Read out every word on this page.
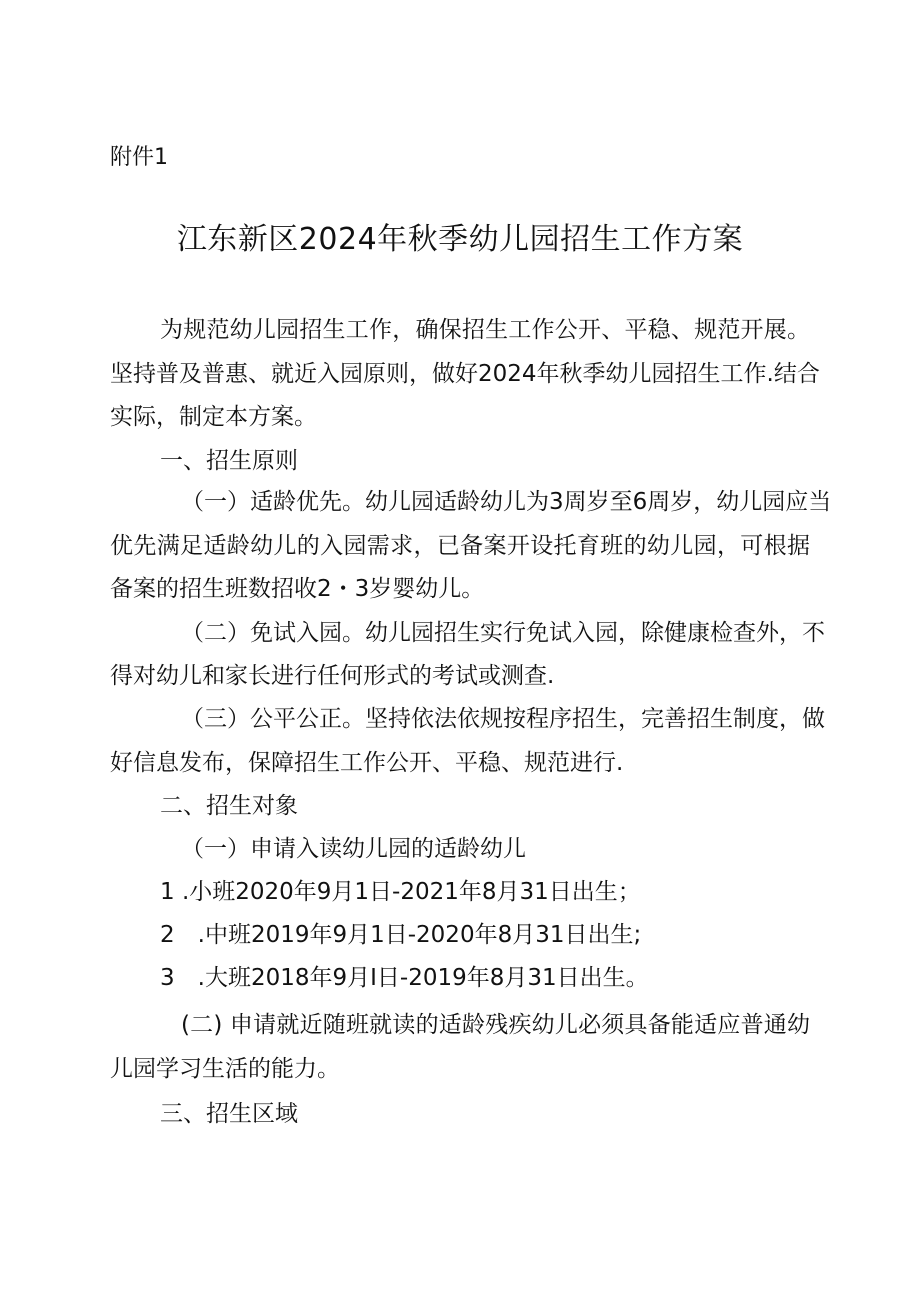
附件1
江东新区2024年秋季幼儿园招生工作方案
为规范幼儿园招生工作，确保招生工作公开、平稳、规范开展。
坚持普及普惠、就近入园原则，做好2024年秋季幼儿园招生工作.结合
实际，制定本方案。
一、招生原则
（一）适龄优先。幼儿园适龄幼儿为3周岁至6周岁，幼儿园应当
优先满足适龄幼儿的入园需求，已备案开设托育班的幼儿园，可根据
备案的招生班数招收2・3岁婴幼儿。
（二）免试入园。幼儿园招生实行免试入园，除健康检查外，不
得对幼儿和家长进行任何形式的考试或测查.
（三）公平公正。坚持依法依规按程序招生，完善招生制度，做
好信息发布，保障招生工作公开、平稳、规范进行.
二、招生对象
（一）申请入读幼儿园的适龄幼儿
1 .小班2020年9月1日-2021年8月31日出生；
2　.中班2019年9月1日-2020年8月31日出生;
3　.大班2018年9月I日-2019年8月31日出生。
(二) 申请就近随班就读的适龄残疾幼儿必须具备能适应普通幼
儿园学习生活的能力。
三、招生区域
